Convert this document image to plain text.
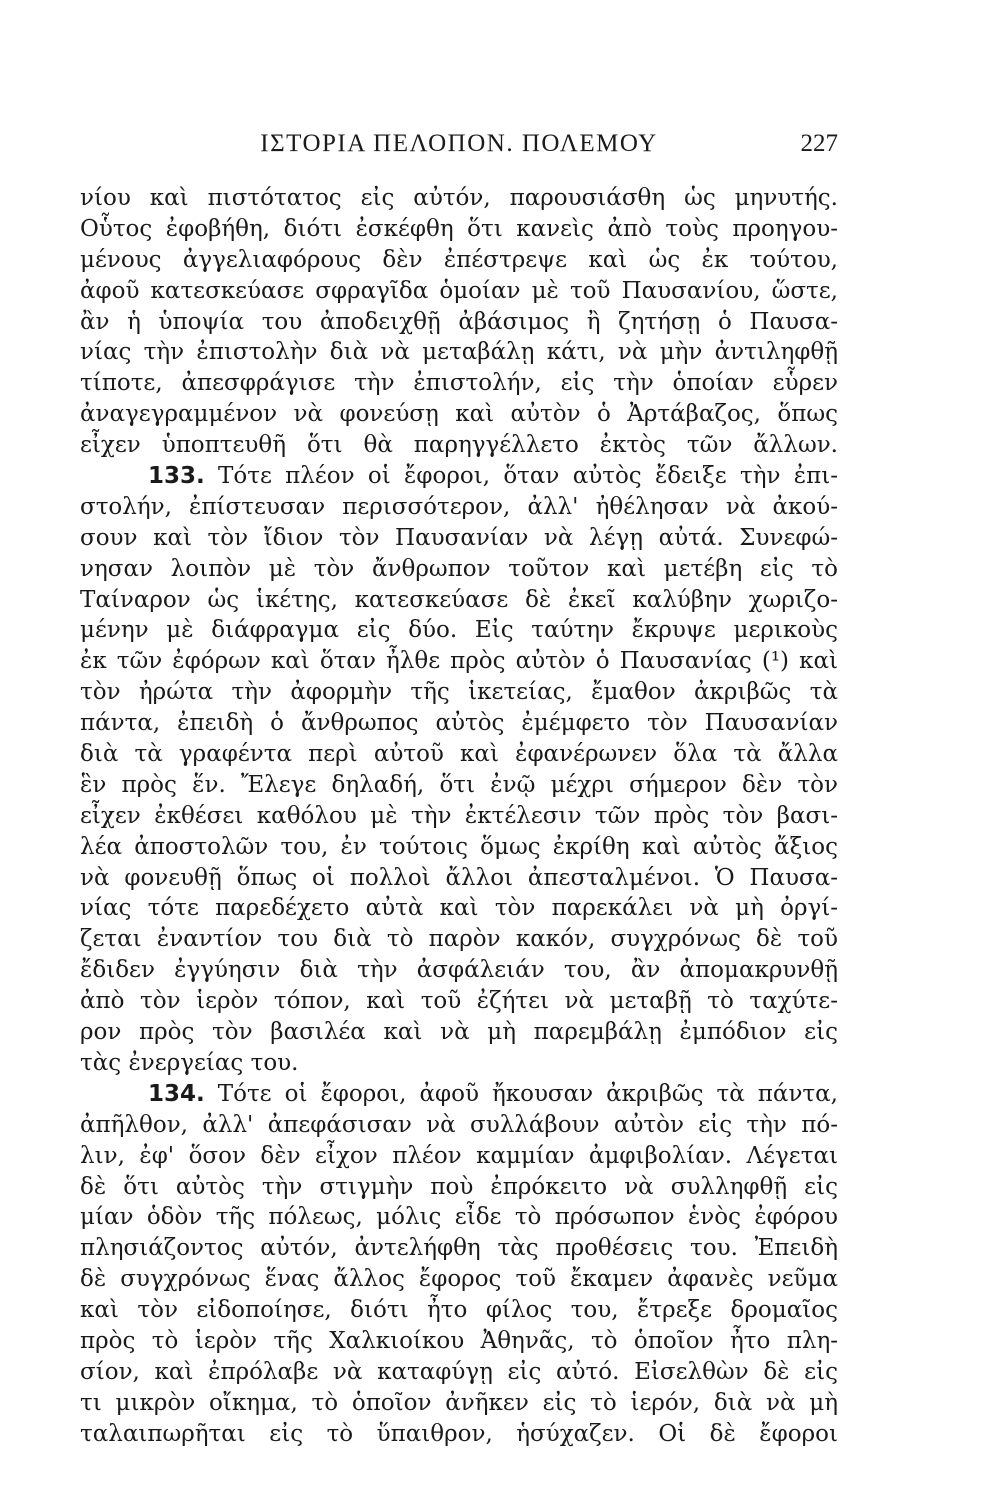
ΙΣΤΟΡΙΑ ΠΕΛΟΠΟΝ. ΠΟΛΕΜΟΥ	227
νίου καὶ πιστότατος εἰς αὐτόν, παρουσιάσθη ὡς μηνυτής.
Οὗτος ἐφοβήθη, διότι ἐσκέφθη ὅτι κανεὶς ἀπὸ τοὺς προηγου-
μένους ἀγγελιαφόρους δὲν ἐπέστρεψε καὶ ὡς ἐκ τούτου,
ἀφοῦ κατεσκεύασε σφραγῖδα ὁμοίαν μὲ τοῦ Παυσανίου, ὥστε,
ἂν ἡ ὑποψία του ἀποδειχθῇ ἀβάσιμος ἢ ζητήσῃ ὁ Παυσα-
νίας τὴν ἐπιστολὴν διὰ νὰ μεταβάλῃ κάτι, νὰ μὴν ἀντιληφθῇ
τίποτε, ἀπεσφράγισε τὴν ἐπιστολήν, εἰς τὴν ὁποίαν εὗρεν
ἀναγεγραμμένον νὰ φονεύσῃ καὶ αὐτὸν ὁ Ἀρτάβαζος, ὅπως
εἶχεν ὑποπτευθῆ ὅτι θὰ παρηγγέλλετο ἐκτὸς τῶν ἄλλων.
133. Τότε πλέον οἱ ἔφοροι, ὅταν αὐτὸς ἔδειξε τὴν ἐπι-
στολήν, ἐπίστευσαν περισσότερον, ἀλλ' ἠθέλησαν νὰ ἀκού-
σουν καὶ τὸν ἴδιον τὸν Παυσανίαν νὰ λέγῃ αὐτά. Συνεφώ-
νησαν λοιπὸν μὲ τὸν ἄνθρωπον τοῦτον καὶ μετέβη εἰς τὸ
Ταίναρον ὡς ἱκέτης, κατεσκεύασε δὲ ἐκεῖ καλύβην χωριζο-
μένην μὲ διάφραγμα εἰς δύο. Εἰς ταύτην ἔκρυψε μερικοὺς
ἐκ τῶν ἐφόρων καὶ ὅταν ἦλθε πρὸς αὐτὸν ὁ Παυσανίας (¹) καὶ
τὸν ἠρώτα τὴν ἀφορμὴν τῆς ἱκετείας, ἔμαθον ἀκριβῶς τὰ
πάντα, ἐπειδὴ ὁ ἄνθρωπος αὐτὸς ἐμέμφετο τὸν Παυσανίαν
διὰ τὰ γραφέντα περὶ αὐτοῦ καὶ ἐφανέρωνεν ὅλα τὰ ἄλλα
ἓν πρὸς ἕν. Ἔλεγε δηλαδή, ὅτι ἐνῷ μέχρι σήμερον δὲν τὸν
εἶχεν ἐκθέσει καθόλου μὲ τὴν ἐκτέλεσιν τῶν πρὸς τὸν βασι-
λέα ἀποστολῶν του, ἐν τούτοις ὅμως ἐκρίθη καὶ αὐτὸς ἄξιος
νὰ φονευθῇ ὅπως οἱ πολλοὶ ἄλλοι ἀπεσταλμένοι. Ὁ Παυσα-
νίας τότε παρεδέχετο αὐτὰ καὶ τὸν παρεκάλει νὰ μὴ ὀργί-
ζεται ἐναντίον του διὰ τὸ παρὸν κακόν, συγχρόνως δὲ τοῦ
ἔδιδεν ἐγγύησιν διὰ τὴν ἀσφάλειάν του, ἂν ἀπομακρυνθῇ
ἀπὸ τὸν ἱερὸν τόπον, καὶ τοῦ ἐζήτει νὰ μεταβῇ τὸ ταχύτε-
ρον πρὸς τὸν βασιλέα καὶ νὰ μὴ παρεμβάλῃ ἐμπόδιον εἰς
τὰς ἐνεργείας του.
134. Τότε οἱ ἔφοροι, ἀφοῦ ἤκουσαν ἀκριβῶς τὰ πάντα,
ἀπῆλθον, ἀλλ' ἀπεφάσισαν νὰ συλλάβουν αὐτὸν εἰς τὴν πό-
λιν, ἐφ' ὅσον δὲν εἶχον πλέον καμμίαν ἀμφιβολίαν. Λέγεται
δὲ ὅτι αὐτὸς τὴν στιγμὴν ποὺ ἐπρόκειτο νὰ συλληφθῇ εἰς
μίαν ὁδὸν τῆς πόλεως, μόλις εἶδε τὸ πρόσωπον ἑνὸς ἐφόρου
πλησιάζοντος αὐτόν, ἀντελήφθη τὰς προθέσεις του. Ἐπειδὴ
δὲ συγχρόνως ἕνας ἄλλος ἔφορος τοῦ ἔκαμεν ἀφανὲς νεῦμα
καὶ τὸν εἰδοποίησε, διότι ἦτο φίλος του, ἔτρεξε δρομαῖος
πρὸς τὸ ἱερὸν τῆς Χαλκιοίκου Ἀθηνᾶς, τὸ ὁποῖον ἦτο πλη-
σίον, καὶ ἐπρόλαβε νὰ καταφύγῃ εἰς αὐτό. Εἰσελθὼν δὲ εἰς
τι μικρὸν οἴκημα, τὸ ὁποῖον ἀνῆκεν εἰς τὸ ἱερόν, διὰ νὰ μὴ
ταλαιπωρῆται εἰς τὸ ὕπαιθρον, ἡσύχαζεν. Οἱ δὲ ἔφοροι
